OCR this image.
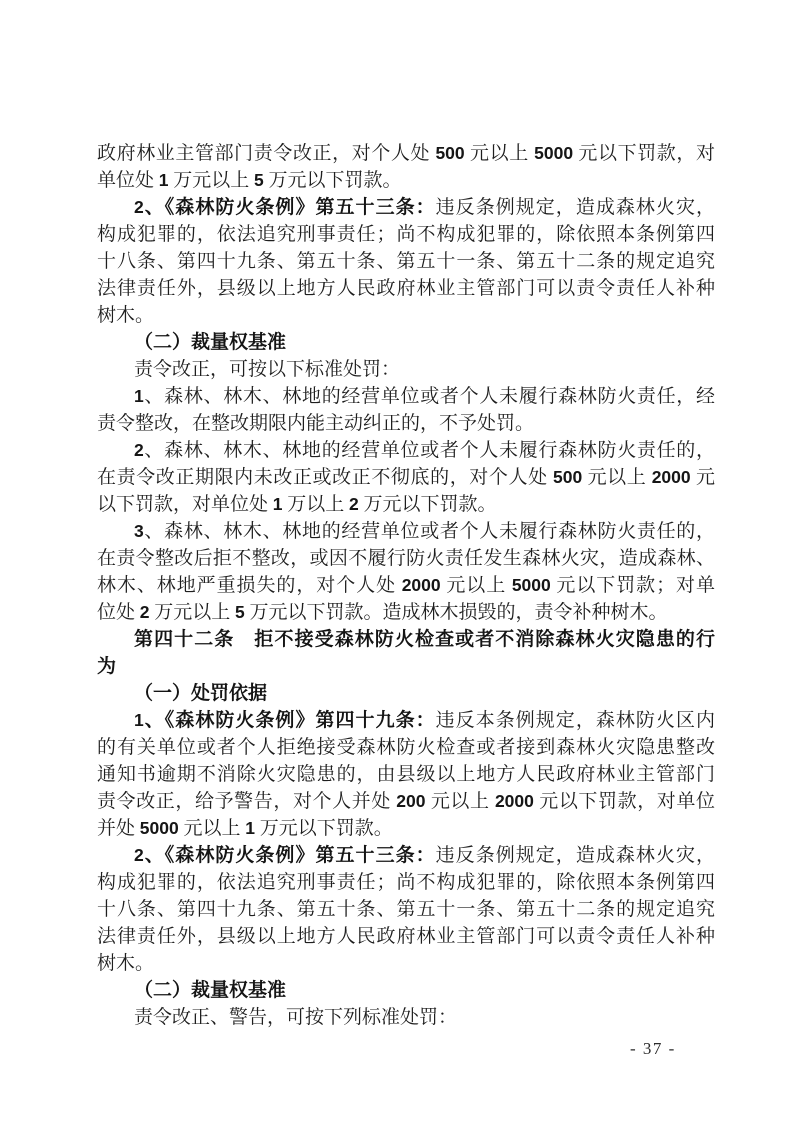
政府林业主管部门责令改正，对个人处 500 元以上 5000 元以下罚款，对
单位处 1 万元以上 5 万元以下罚款。
2、《森林防火条例》第五十三条：违反条例规定，造成森林火灾，
构成犯罪的，依法追究刑事责任；尚不构成犯罪的，除依照本条例第四
十八条、第四十九条、第五十条、第五十一条、第五十二条的规定追究
法律责任外，县级以上地方人民政府林业主管部门可以责令责任人补种
树木。
（二）裁量权基准
责令改正，可按以下标准处罚：
1、森林、林木、林地的经营单位或者个人未履行森林防火责任，经
责令整改，在整改期限内能主动纠正的，不予处罚。
2、森林、林木、林地的经营单位或者个人未履行森林防火责任的，
在责令改正期限内未改正或改正不彻底的，对个人处 500 元以上 2000 元
以下罚款，对单位处 1 万以上 2 万元以下罚款。
3、森林、林木、林地的经营单位或者个人未履行森林防火责任的，
在责令整改后拒不整改，或因不履行防火责任发生森林火灾，造成森林、
林木、林地严重损失的，对个人处 2000 元以上 5000 元以下罚款；对单
位处 2 万元以上 5 万元以下罚款。造成林木损毁的，责令补种树木。
第四十二条　拒不接受森林防火检查或者不消除森林火灾隐患的行
为
（一）处罚依据
1、《森林防火条例》第四十九条：违反本条例规定，森林防火区内
的有关单位或者个人拒绝接受森林防火检查或者接到森林火灾隐患整改
通知书逾期不消除火灾隐患的，由县级以上地方人民政府林业主管部门
责令改正，给予警告，对个人并处 200 元以上 2000 元以下罚款，对单位
并处 5000 元以上 1 万元以下罚款。
2、《森林防火条例》第五十三条：违反条例规定，造成森林火灾，
构成犯罪的，依法追究刑事责任；尚不构成犯罪的，除依照本条例第四
十八条、第四十九条、第五十条、第五十一条、第五十二条的规定追究
法律责任外，县级以上地方人民政府林业主管部门可以责令责任人补种
树木。
（二）裁量权基准
责令改正、警告，可按下列标准处罚：
- 37 -
